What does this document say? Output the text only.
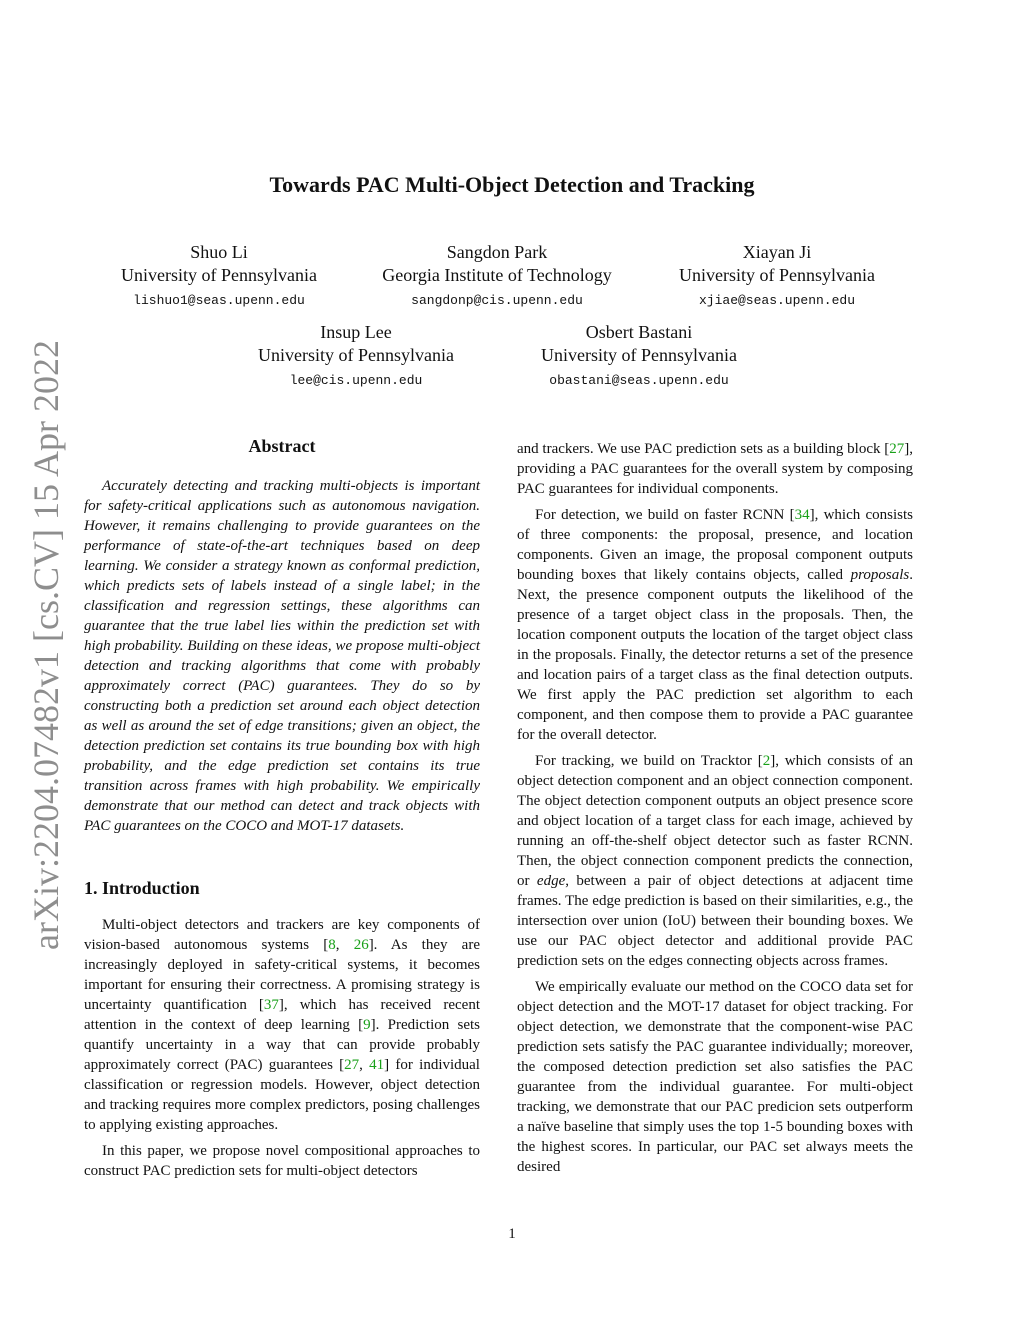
arXiv:2204.07482v1 [cs.CV] 15 Apr 2022
Towards PAC Multi-Object Detection and Tracking
Shuo Li
University of Pennsylvania
lishuo1@seas.upenn.edu
Sangdon Park
Georgia Institute of Technology
sangdonp@cis.upenn.edu
Xiayan Ji
University of Pennsylvania
xjiae@seas.upenn.edu
Insup Lee
University of Pennsylvania
lee@cis.upenn.edu
Osbert Bastani
University of Pennsylvania
obastani@seas.upenn.edu
Abstract
Accurately detecting and tracking multi-objects is important for safety-critical applications such as autonomous navigation. However, it remains challenging to provide guarantees on the performance of state-of-the-art techniques based on deep learning. We consider a strategy known as conformal prediction, which predicts sets of labels instead of a single label; in the classification and regression settings, these algorithms can guarantee that the true label lies within the prediction set with high probability. Building on these ideas, we propose multi-object detection and tracking algorithms that come with probably approximately correct (PAC) guarantees. They do so by constructing both a prediction set around each object detection as well as around the set of edge transitions; given an object, the detection prediction set contains its true bounding box with high probability, and the edge prediction set contains its true transition across frames with high probability. We empirically demonstrate that our method can detect and track objects with PAC guarantees on the COCO and MOT-17 datasets.
1. Introduction

Multi-object detectors and trackers are key components of vision-based autonomous systems [8, 26]. As they are increasingly deployed in safety-critical systems, it becomes important for ensuring their correctness. A promising strategy is uncertainty quantification [37], which has received recent attention in the context of deep learning [9]. Prediction sets quantify uncertainty in a way that can provide probably approximately correct (PAC) guarantees [27, 41] for individual classification or regression models. However, object detection and tracking requires more complex predictors, posing challenges to applying existing approaches.

In this paper, we propose novel compositional approaches to construct PAC prediction sets for multi-object detectors

and trackers. We use PAC prediction sets as a building block [27], providing a PAC guarantees for the overall system by composing PAC guarantees for individual components.

For detection, we build on faster RCNN [34], which consists of three components: the proposal, presence, and location components. Given an image, the proposal component outputs bounding boxes that likely contains objects, called proposals. Next, the presence component outputs the likelihood of the presence of a target object class in the proposals. Then, the location component outputs the location of the target object class in the proposals. Finally, the detector returns a set of the presence and location pairs of a target class as the final detection outputs. We first apply the PAC prediction set algorithm to each component, and then compose them to provide a PAC guarantee for the overall detector.

For tracking, we build on Tracktor [2], which consists of an object detection component and an object connection component. The object detection component outputs an object presence score and object location of a target class for each image, achieved by running an off-the-shelf object detector such as faster RCNN. Then, the object connection component predicts the connection, or edge, between a pair of object detections at adjacent time frames. The edge prediction is based on their similarities, e.g., the intersection over union (IoU) between their bounding boxes. We use our PAC object detector and additional provide PAC prediction sets on the edges connecting objects across frames.

We empirically evaluate our method on the COCO data set for object detection and the MOT-17 dataset for object tracking. For object detection, we demonstrate that the component-wise PAC prediction sets satisfy the PAC guarantee individually; moreover, the composed detection prediction set also satisfies the PAC guarantee from the individual guarantee. For multi-object tracking, we demonstrate that our PAC predicion sets outperform a naïve baseline that simply uses the top 1-5 bounding boxes with the highest scores. In particular, our PAC set always meets the desired

1
